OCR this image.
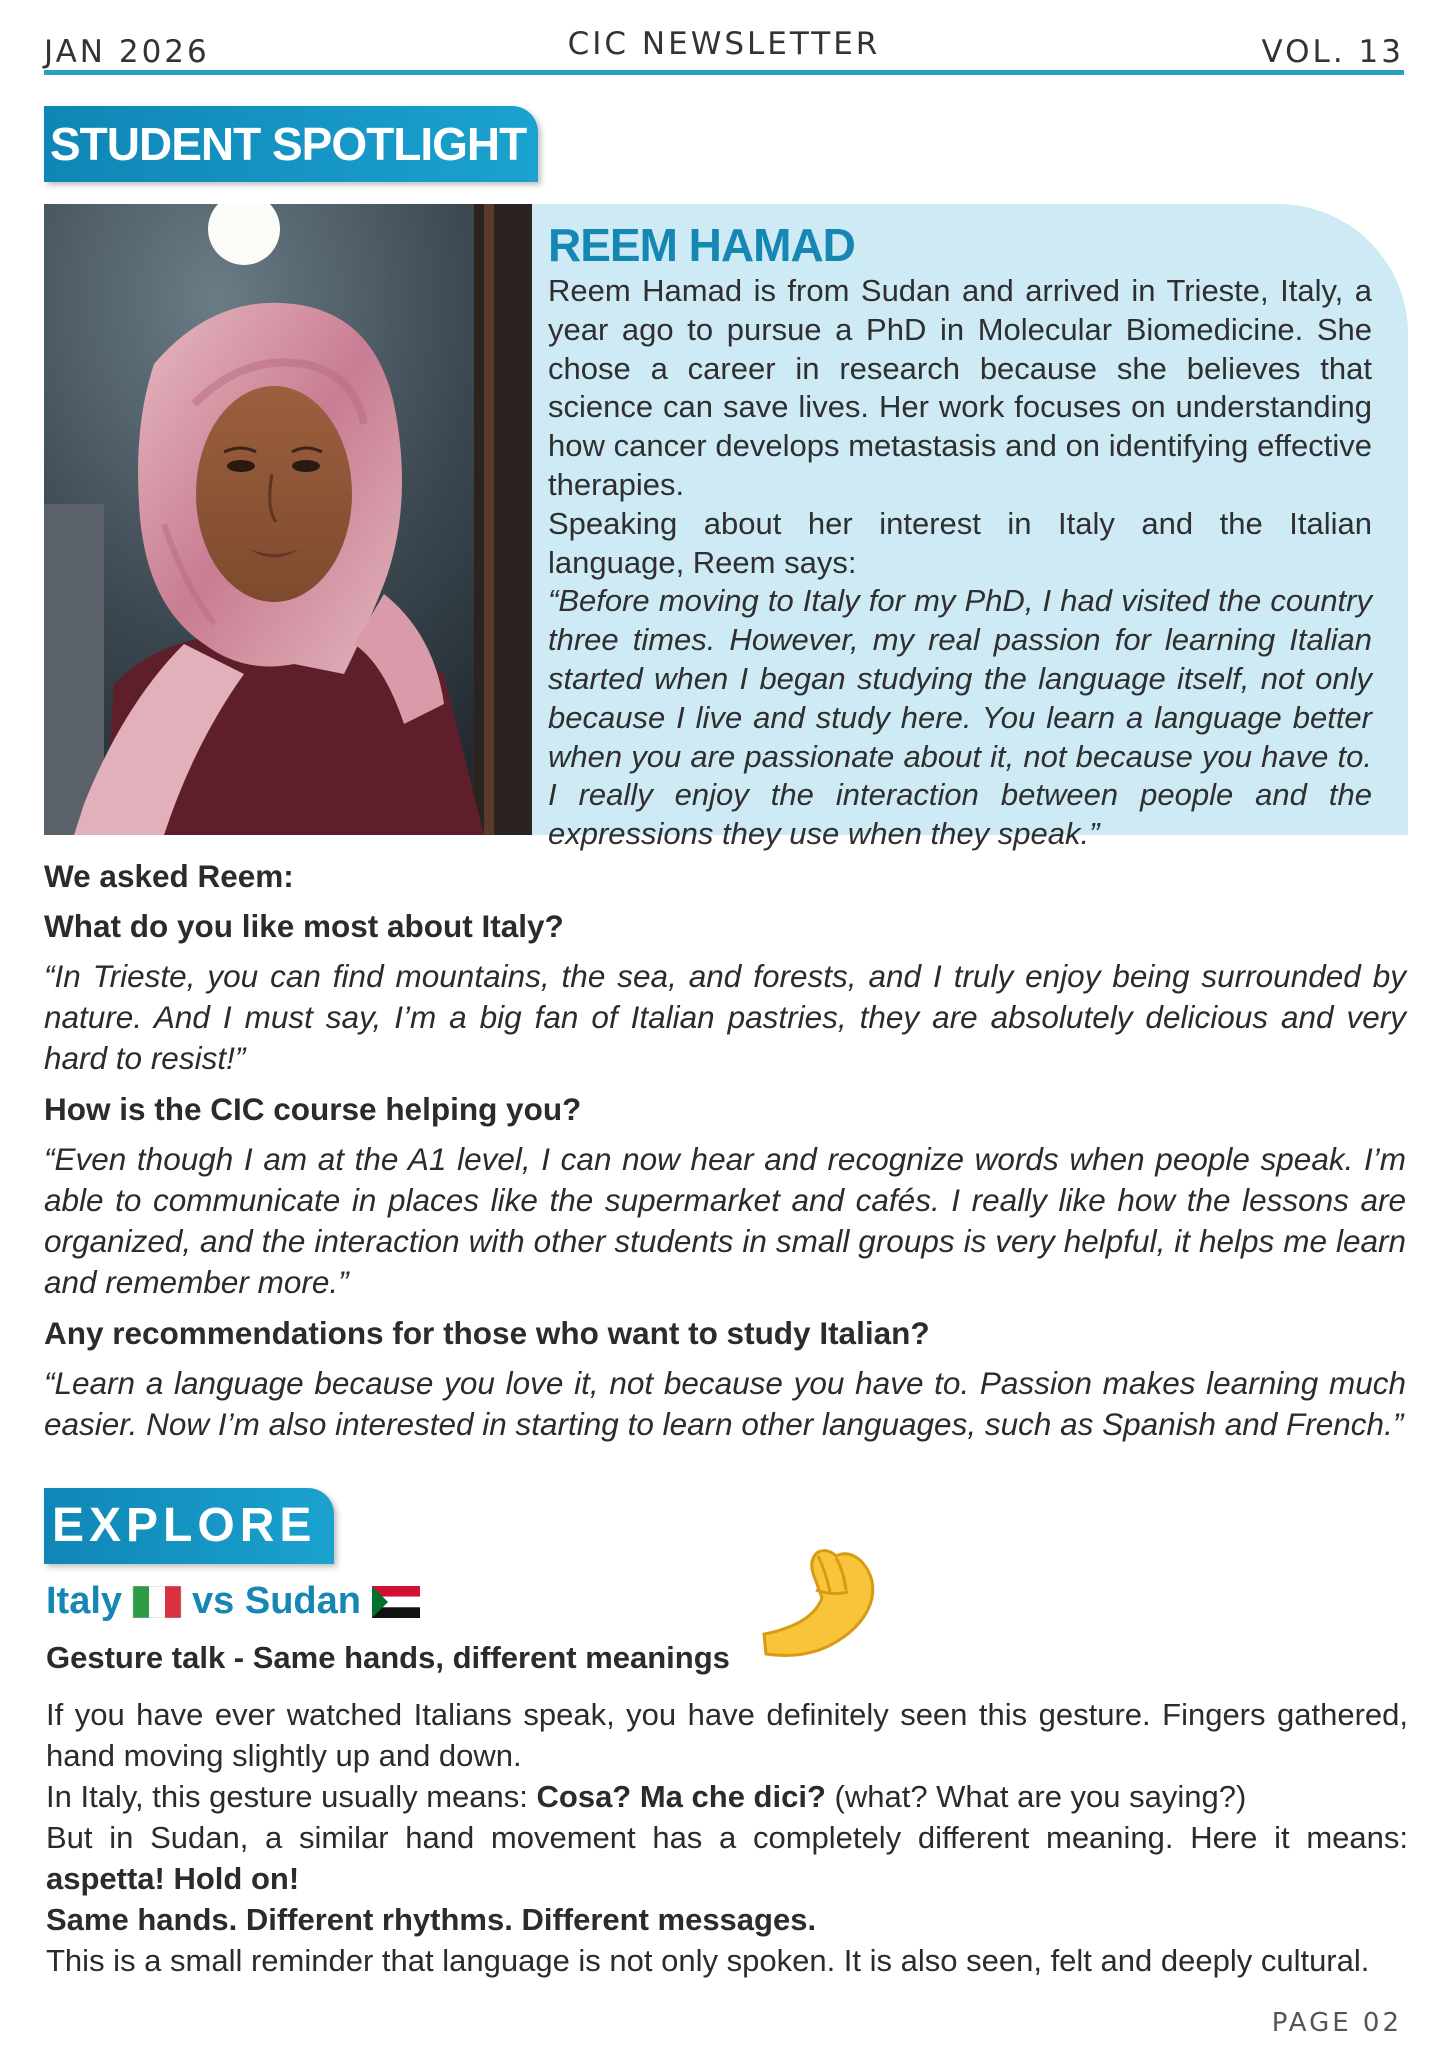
JAN 2026	CIC NEWSLETTER	VOL. 13
STUDENT SPOTLIGHT
REEM HAMAD

Reem Hamad is from Sudan and arrived in Trieste, Italy, a year ago to pursue a PhD in Molecular Biomedicine. She chose a career in research because she believes that science can save lives. Her work focuses on understanding how cancer develops metastasis and on identifying effective therapies.

Speaking about her interest in Italy and the Italian language, Reem says:

“Before moving to Italy for my PhD, I had visited the country three times. However, my real passion for learning Italian started when I began studying the language itself, not only because I live and study here. You learn a language better when you are passionate about it, not because you have to. I really enjoy the interaction between people and the expressions they use when they speak.”

We asked Reem:

What do you like most about Italy?

“In Trieste, you can find mountains, the sea, and forests, and I truly enjoy being surrounded by nature. And I must say, I’m a big fan of Italian pastries, they are absolutely delicious and very hard to resist!”

How is the CIC course helping you?

“Even though I am at the A1 level, I can now hear and recognize words when people speak. I’m able to communicate in places like the supermarket and cafés. I really like how the lessons are organized, and the interaction with other students in small groups is very helpful, it helps me learn and remember more.”

Any recommendations for those who want to study Italian?

“Learn a language because you love it, not because you have to. Passion makes learning much easier. Now I’m also interested in starting to learn other languages, such as Spanish and French.”

EXPLORE
Italy vs Sudan
Gesture talk - Same hands, different meanings

If you have ever watched Italians speak, you have definitely seen this gesture. Fingers gathered, hand moving slightly up and down.

In Italy, this gesture usually means: Cosa? Ma che dici? (what? What are you saying?)

But in Sudan, a similar hand movement has a completely different meaning. Here it means: aspetta! Hold on!

Same hands. Different rhythms. Different messages.

This is a small reminder that language is not only spoken. It is also seen, felt and deeply cultural.

PAGE 02
